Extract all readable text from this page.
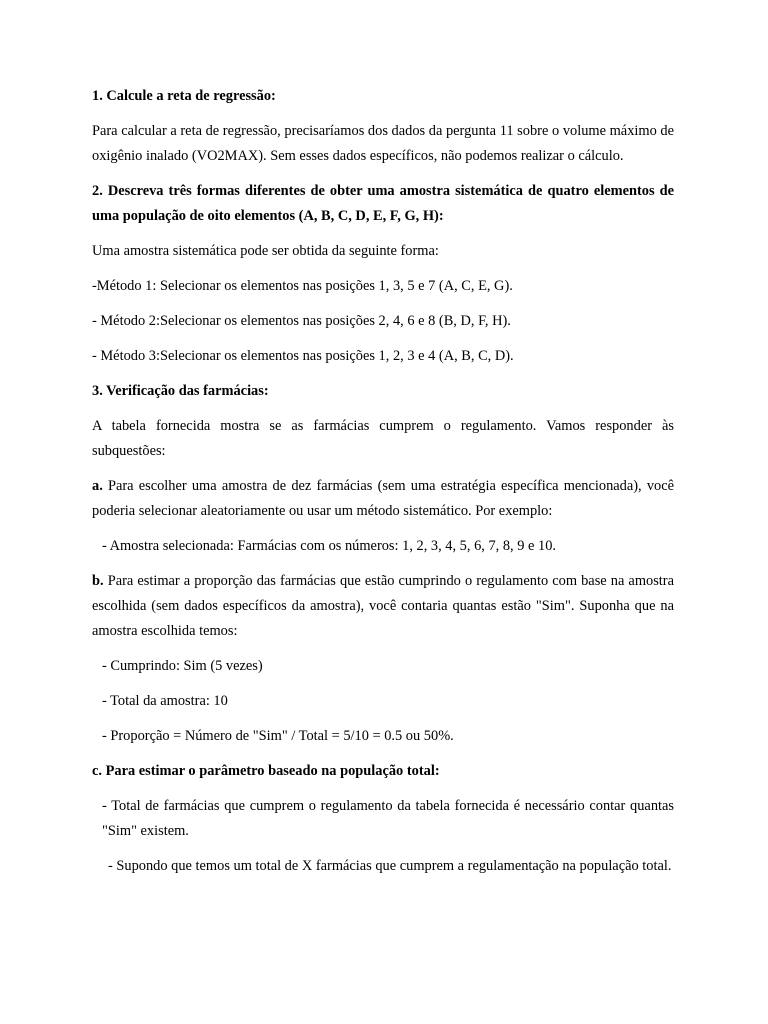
1. Calcule a reta de regressão:

Para calcular a reta de regressão, precisaríamos dos dados da pergunta 11 sobre o volume máximo de oxigênio inalado (VO2MAX). Sem esses dados específicos, não podemos realizar o cálculo.

2. Descreva três formas diferentes de obter uma amostra sistemática de quatro elementos de uma população de oito elementos (A, B, C, D, E, F, G, H):

Uma amostra sistemática pode ser obtida da seguinte forma:

-Método 1: Selecionar os elementos nas posições 1, 3, 5 e 7 (A, C, E, G).

- Método 2:Selecionar os elementos nas posições 2, 4, 6 e 8 (B, D, F, H).

- Método 3:Selecionar os elementos nas posições 1, 2, 3 e 4 (A, B, C, D).

3. Verificação das farmácias:

A tabela fornecida mostra se as farmácias cumprem o regulamento. Vamos responder às subquestões:

a. Para escolher uma amostra de dez farmácias (sem uma estratégia específica mencionada), você poderia selecionar aleatoriamente ou usar um método sistemático. Por exemplo:

- Amostra selecionada: Farmácias com os números: 1, 2, 3, 4, 5, 6, 7, 8, 9 e 10.

b. Para estimar a proporção das farmácias que estão cumprindo o regulamento com base na amostra escolhida (sem dados específicos da amostra), você contaria quantas estão "Sim". Suponha que na amostra escolhida temos:

- Cumprindo: Sim (5 vezes)

- Total da amostra: 10

- Proporção = Número de "Sim" / Total = 5/10 = 0.5 ou 50%.

c. Para estimar o parâmetro baseado na população total:

- Total de farmácias que cumprem o regulamento da tabela fornecida é necessário contar quantas "Sim" existem.

- Supondo que temos um total de X farmácias que cumprem a regulamentação na população total.
